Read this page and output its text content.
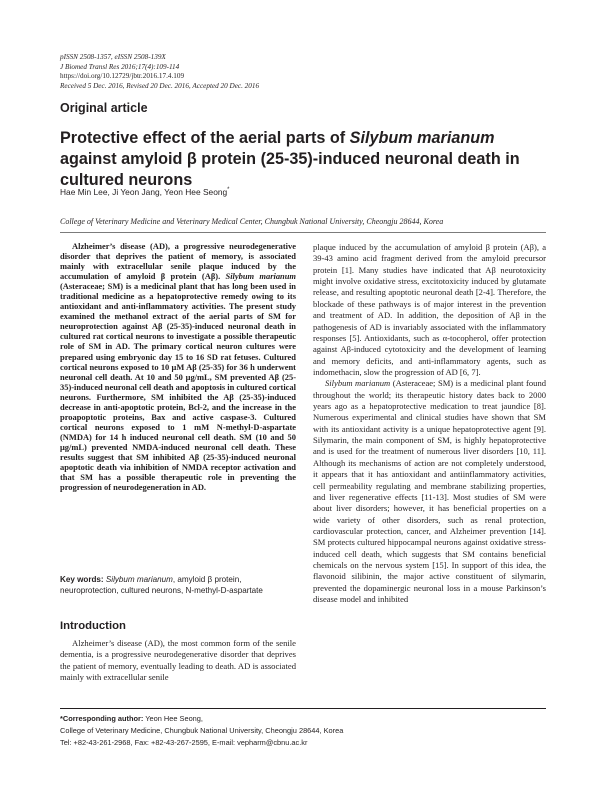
pISSN 2508-1357, eISSN 2508-139X
J Biomed Transl Res 2016;17(4):109-114
https://doi.org/10.12729/jbtr.2016.17.4.109
Received 5 Dec. 2016, Revised 20 Dec. 2016, Accepted 20 Dec. 2016
Original article
Protective effect of the aerial parts of Silybum marianum against amyloid β protein (25-35)-induced neuronal death in cultured neurons
Hae Min Lee, Ji Yeon Jang, Yeon Hee Seong*
College of Veterinary Medicine and Veterinary Medical Center, Chungbuk National University, Cheongju 28644, Korea
Alzheimer’s disease (AD), a progressive neurodegenerative disorder that deprives the patient of memory, is associated mainly with extracellular senile plaque induced by the accumulation of amyloid β protein (Aβ). Silybum marianum (Asteraceae; SM) is a medicinal plant that has long been used in traditional medicine as a hepatoprotective remedy owing to its antioxidant and anti-inflammatory activities. The present study examined the methanol extract of the aerial parts of SM for neuroprotection against Aβ (25-35)-induced neuronal death in cultured rat cortical neurons to investigate a possible therapeutic role of SM in AD. The primary cortical neuron cultures were prepared using embryonic day 15 to 16 SD rat fetuses. Cultured cortical neurons exposed to 10 μM Aβ (25-35) for 36 h underwent neuronal cell death. At 10 and 50 μg/mL, SM prevented Aβ (25-35)-induced neuronal cell death and apoptosis in cultured cortical neurons. Furthermore, SM inhibited the Aβ (25-35)-induced decrease in anti-apoptotic protein, Bcl-2, and the increase in the proapoptotic proteins, Bax and active caspase-3. Cultured cortical neurons exposed to 1 mM N-methyl-D-aspartate (NMDA) for 14 h induced neuronal cell death. SM (10 and 50 μg/mL) prevented NMDA-induced neuronal cell death. These results suggest that SM inhibited Aβ (25-35)-induced neuronal apoptotic death via inhibition of NMDA receptor activation and that SM has a possible therapeutic role in preventing the progression of neurodegeneration in AD.
Key words: Silybum marianum, amyloid β protein, neuroprotection, cultured neurons, N-methyl-D-aspartate
Introduction
Alzheimer’s disease (AD), the most common form of the senile dementia, is a progressive neurodegenerative disorder that deprives the patient of memory, eventually leading to death. AD is associated mainly with extracellular senile

plaque induced by the accumulation of amyloid β protein (Aβ), a 39-43 amino acid fragment derived from the amyloid precursor protein [1]. Many studies have indicated that Aβ neurotoxicity might involve oxidative stress, excitotoxicity induced by glutamate release, and resulting apoptotic neuronal death [2-4]. Therefore, the blockade of these pathways is of major interest in the prevention and treatment of AD. In addition, the deposition of Aβ in the pathogenesis of AD is invariably associated with the inflammatory responses [5]. Antioxidants, such as α-tocopherol, offer protection against Aβ-induced cytotoxicity and the development of learning and memory deficits, and anti-inflammatory agents, such as indomethacin, slow the progression of AD [6, 7].

Silybum marianum (Asteraceae; SM) is a medicinal plant found throughout the world; its therapeutic history dates back to 2000 years ago as a hepatoprotective medication to treat jaundice [8]. Numerous experimental and clinical studies have shown that SM with its antioxidant activity is a unique hepatoprotective agent [9]. Silymarin, the main component of SM, is highly hepatoprotective and is used for the treatment of numerous liver disorders [10, 11]. Although its mechanisms of action are not completely understood, it appears that it has antioxidant and antiinflammatory activities, cell permeability regulating and membrane stabilizing properties, and liver regenerative effects [11-13]. Most studies of SM were about liver disorders; however, it has beneficial properties on a wide variety of other disorders, such as renal protection, cardiovascular protection, cancer, and Alzheimer prevention [14]. SM protects cultured hippocampal neurons against oxidative stress-induced cell death, which suggests that SM contains beneficial chemicals on the nervous system [15]. In support of this idea, the flavonoid silibinin, the major active constituent of silymarin, prevented the dopaminergic neuronal loss in a mouse Parkinson’s disease model and inhibited

*Corresponding author: Yeon Hee Seong,
College of Veterinary Medicine, Chungbuk National University, Cheongju 28644, Korea
Tel: +82-43-261-2968, Fax: +82-43-267-2595, E-mail: vepharm@cbnu.ac.kr
